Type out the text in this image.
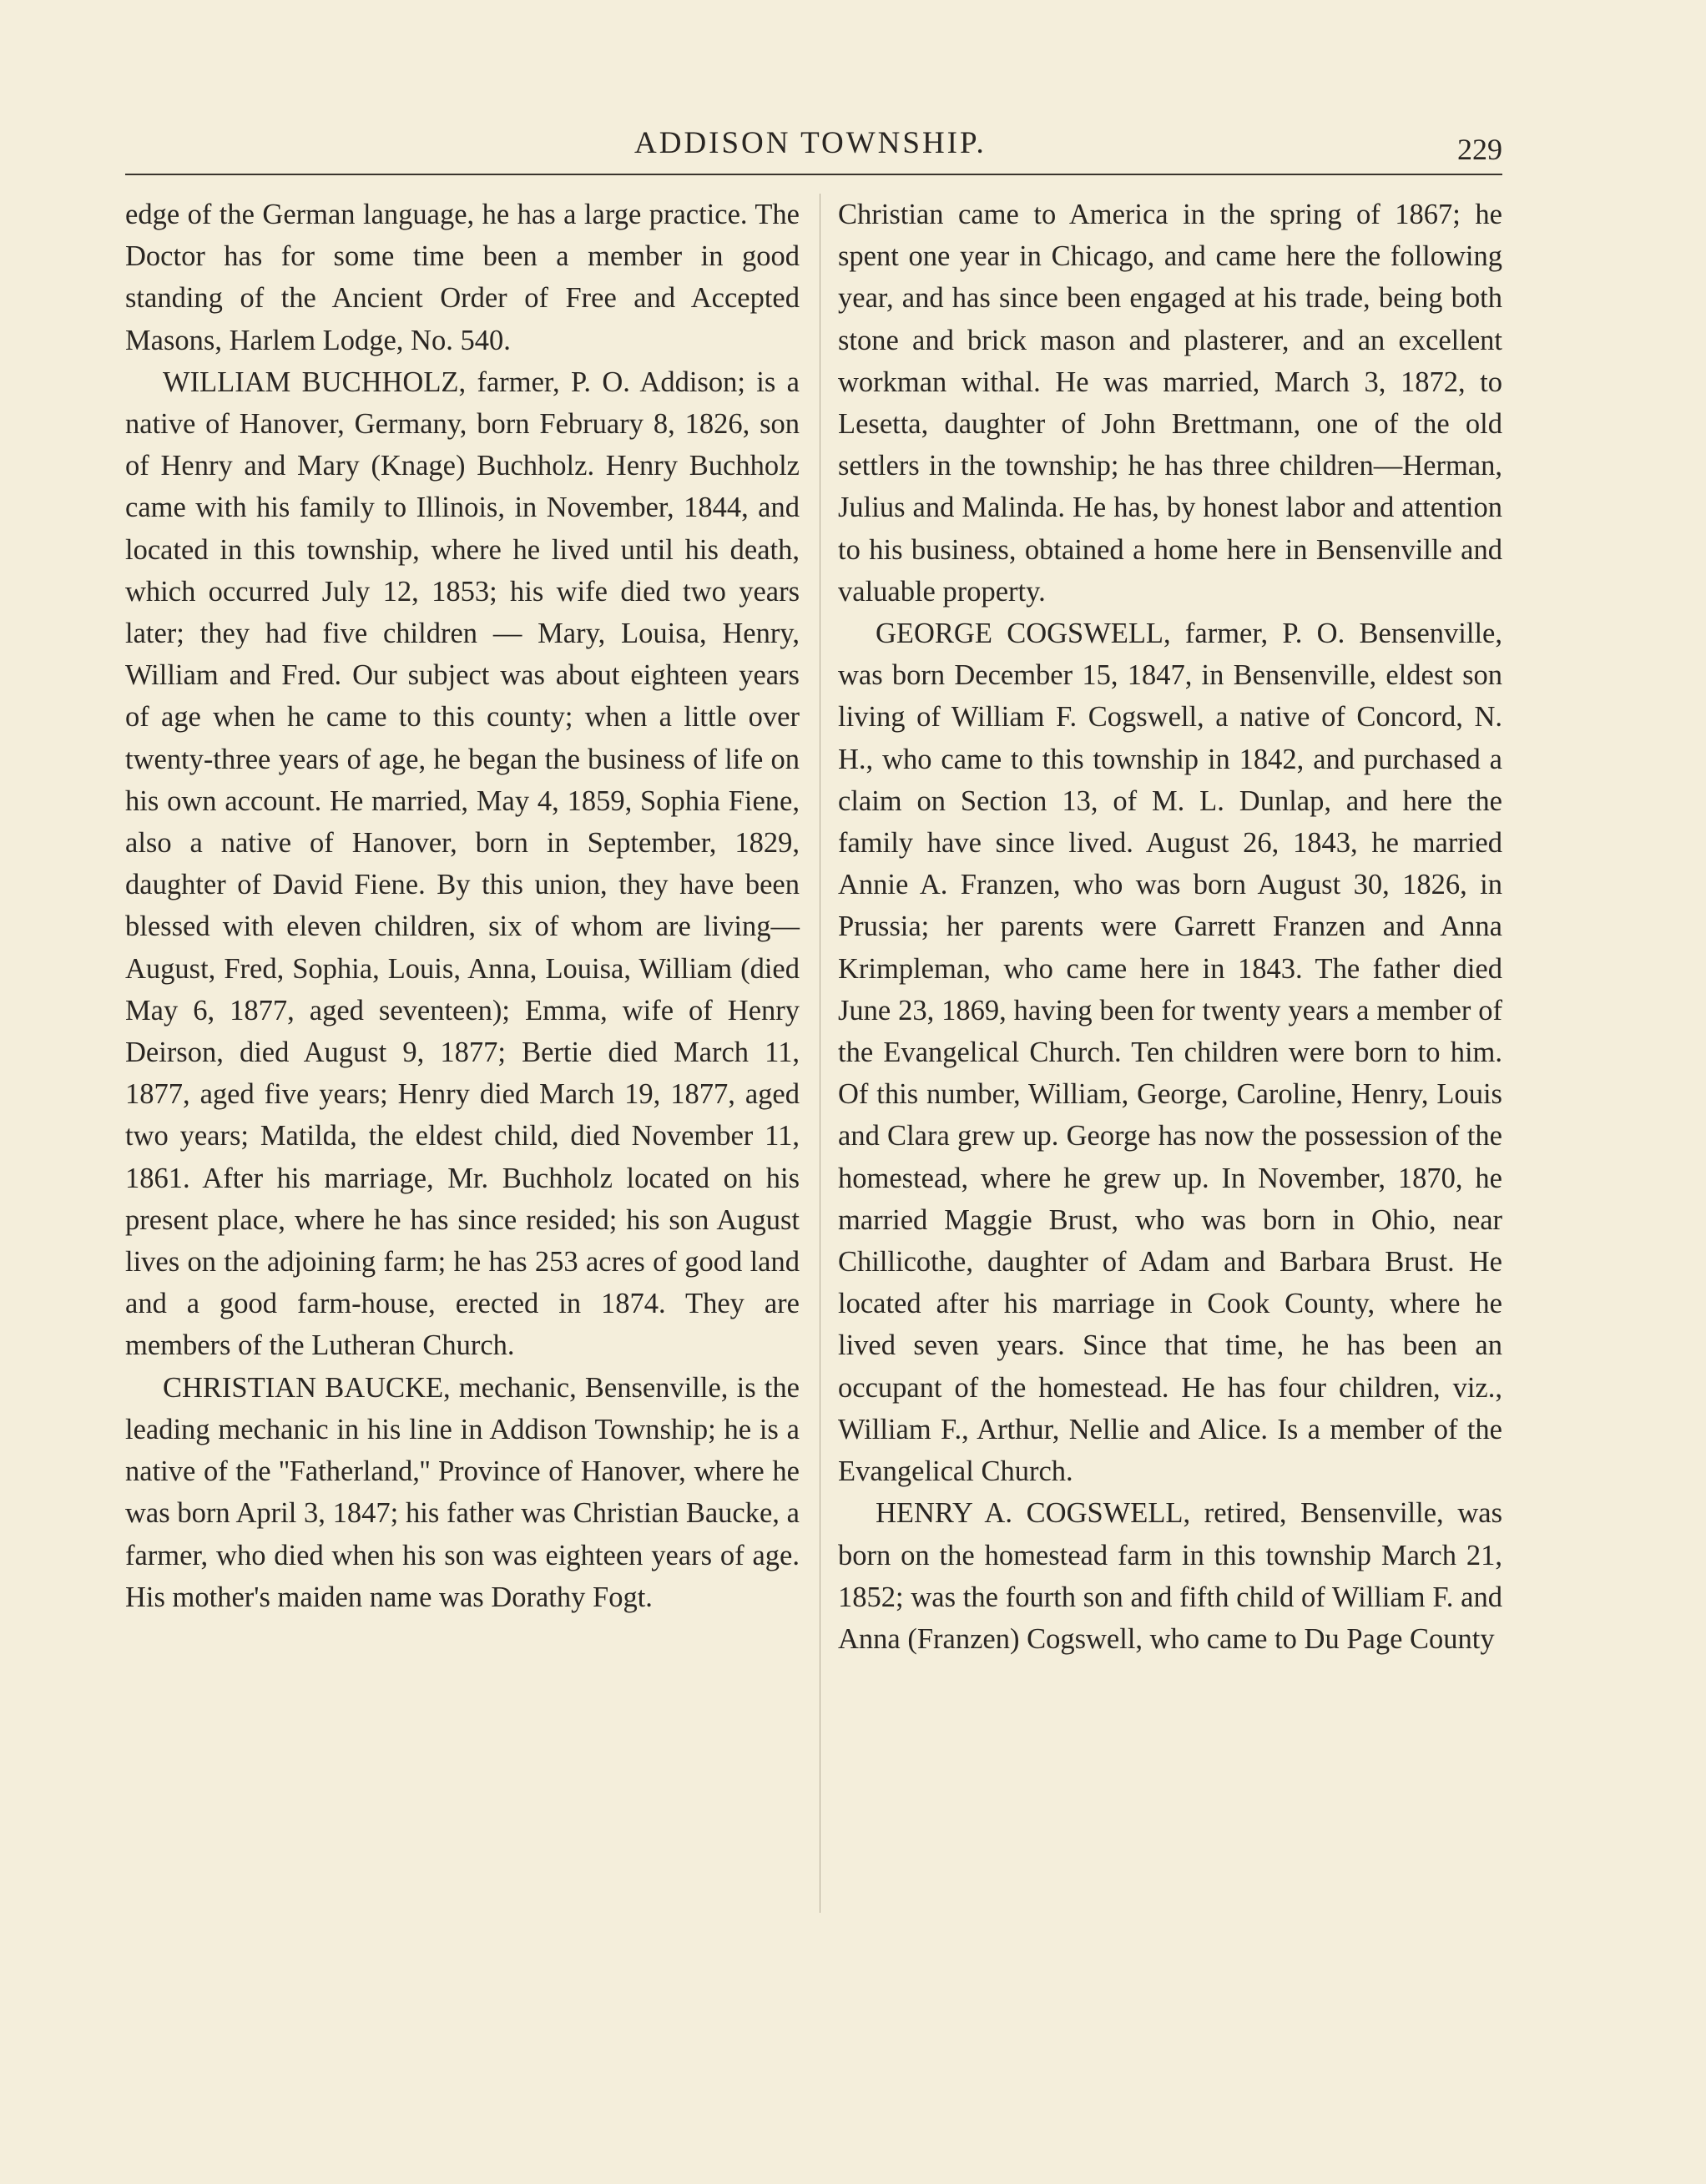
ADDISON TOWNSHIP.	229

edge of the German language, he has a large practice. The Doctor has for some time been a member in good standing of the Ancient Order of Free and Accepted Masons, Harlem Lodge, No. 540.

WILLIAM BUCHHOLZ, farmer, P. O. Addison; is a native of Hanover, Germany, born February 8, 1826, son of Henry and Mary (Knage) Buchholz. Henry Buchholz came with his family to Illinois, in November, 1844, and located in this township, where he lived until his death, which occurred July 12, 1853; his wife died two years later; they had five children — Mary, Louisa, Henry, William and Fred. Our subject was about eighteen years of age when he came to this county; when a little over twenty-three years of age, he began the business of life on his own account. He married, May 4, 1859, Sophia Fiene, also a native of Hanover, born in September, 1829, daughter of David Fiene. By this union, they have been blessed with eleven children, six of whom are living—August, Fred, Sophia, Louis, Anna, Louisa, William (died May 6, 1877, aged seventeen); Emma, wife of Henry Deirson, died August 9, 1877; Bertie died March 11, 1877, aged five years; Henry died March 19, 1877, aged two years; Matilda, the eldest child, died November 11, 1861. After his marriage, Mr. Buchholz located on his present place, where he has since resided; his son August lives on the adjoining farm; he has 253 acres of good land and a good farm-house, erected in 1874. They are members of the Lutheran Church.

CHRISTIAN BAUCKE, mechanic, Bensenville, is the leading mechanic in his line in Addison Township; he is a native of the ''Fatherland,'' Province of Hanover, where he was born April 3, 1847; his father was Christian Baucke, a farmer, who died when his son was eighteen years of age. His mother's maiden name was Dorathy Fogt.

Christian came to America in the spring of 1867; he spent one year in Chicago, and came here the following year, and has since been engaged at his trade, being both stone and brick mason and plasterer, and an excellent workman withal. He was married, March 3, 1872, to Lesetta, daughter of John Brettmann, one of the old settlers in the township; he has three children—Herman, Julius and Malinda. He has, by honest labor and attention to his business, obtained a home here in Bensenville and valuable property.

GEORGE COGSWELL, farmer, P. O. Bensenville, was born December 15, 1847, in Bensenville, eldest son living of William F. Cogswell, a native of Concord, N. H., who came to this township in 1842, and purchased a claim on Section 13, of M. L. Dunlap, and here the family have since lived. August 26, 1843, he married Annie A. Franzen, who was born August 30, 1826, in Prussia; her parents were Garrett Franzen and Anna Krimpleman, who came here in 1843. The father died June 23, 1869, having been for twenty years a member of the Evangelical Church. Ten children were born to him. Of this number, William, George, Caroline, Henry, Louis and Clara grew up. George has now the possession of the homestead, where he grew up. In November, 1870, he married Maggie Brust, who was born in Ohio, near Chillicothe, daughter of Adam and Barbara Brust. He located after his marriage in Cook County, where he lived seven years. Since that time, he has been an occupant of the homestead. He has four children, viz., William F., Arthur, Nellie and Alice. Is a member of the Evangelical Church.

HENRY A. COGSWELL, retired, Bensenville, was born on the homestead farm in this township March 21, 1852; was the fourth son and fifth child of William F. and Anna (Franzen) Cogswell, who came to Du Page County
